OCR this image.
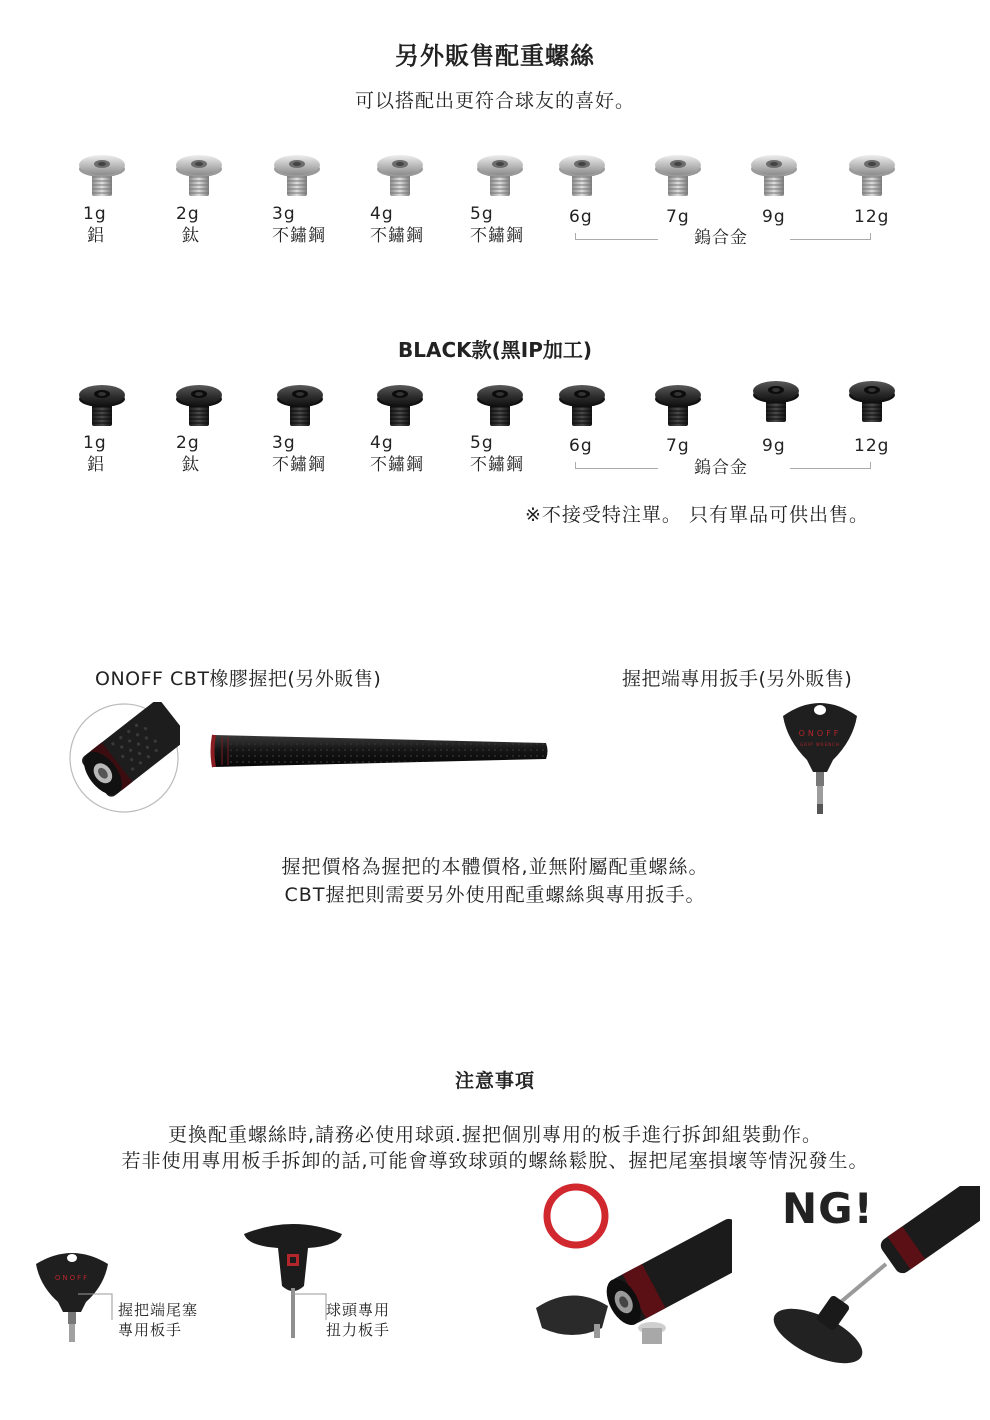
另外販售配重螺絲
可以搭配出更符合球友的喜好。
1g
鋁
2g
鈦
3g
不鏽鋼
4g
不鏽鋼
5g
不鏽鋼
6g	7g	9g	12g
鎢合金
BLACK款(黑IP加工)
1g
鋁
2g
鈦
3g
不鏽鋼
4g
不鏽鋼
5g
不鏽鋼
6g	7g	9g	12g
鎢合金
※不接受特注單。 只有單品可供出售。
ONOFF CBT橡膠握把(另外販售)	握把端專用扳手(另外販售)
ONOFF
GRIP WRENCH
握把價格為握把的本體價格,並無附屬配重螺絲。
CBT握把則需要另外使用配重螺絲與專用扳手。
注意事項
更換配重螺絲時,請務必使用球頭.握把個別專用的板手進行拆卸組裝動作。
若非使用專用板手拆卸的話,可能會導致球頭的螺絲鬆脫、握把尾塞損壞等情況發生。
ONOFF
握把端尾塞
專用板手
球頭專用
扭力板手
NG!
